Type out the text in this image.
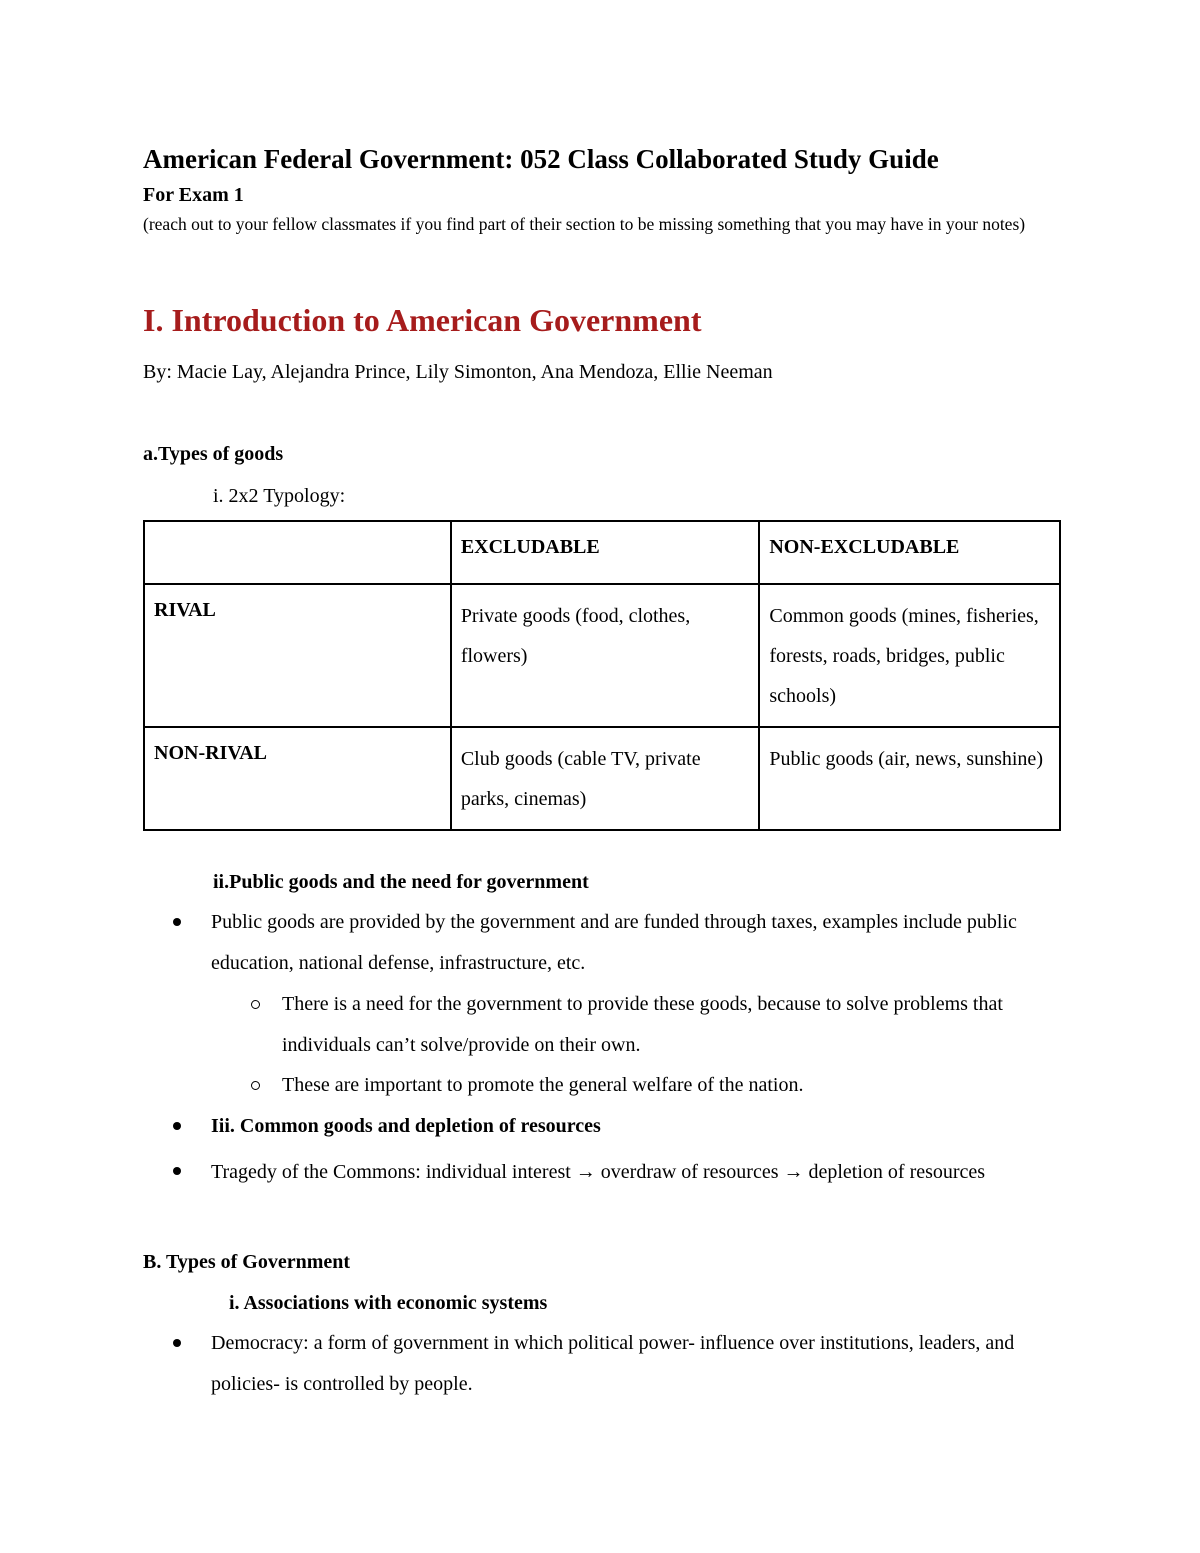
American Federal Government: 052 Class Collaborated Study Guide
For Exam 1
(reach out to your fellow classmates if you find part of their section to be missing something that you may have in your notes)
I. Introduction to American Government
By: Macie Lay, Alejandra Prince, Lily Simonton, Ana Mendoza, Ellie Neeman
a.Types of goods
i. 2x2 Typology:
	EXCLUDABLE	NON-EXCLUDABLE
RIVAL	Private goods (food, clothes, flowers)	Common goods (mines, fisheries, forests, roads, bridges, public schools)
NON-RIVAL	Club goods (cable TV, private parks, cinemas)	Public goods (air, news, sunshine)
ii.Public goods and the need for government
Public goods are provided by the government and are funded through taxes, examples include public education, national defense, infrastructure, etc.
There is a need for the government to provide these goods, because to solve problems that individuals can’t solve/provide on their own.
These are important to promote the general welfare of the nation.
Iii. Common goods and depletion of resources
Tragedy of the Commons: individual interest → overdraw of resources → depletion of resources
B. Types of Government
i. Associations with economic systems
Democracy: a form of government in which political power- influence over institutions, leaders, and policies- is controlled by people.
